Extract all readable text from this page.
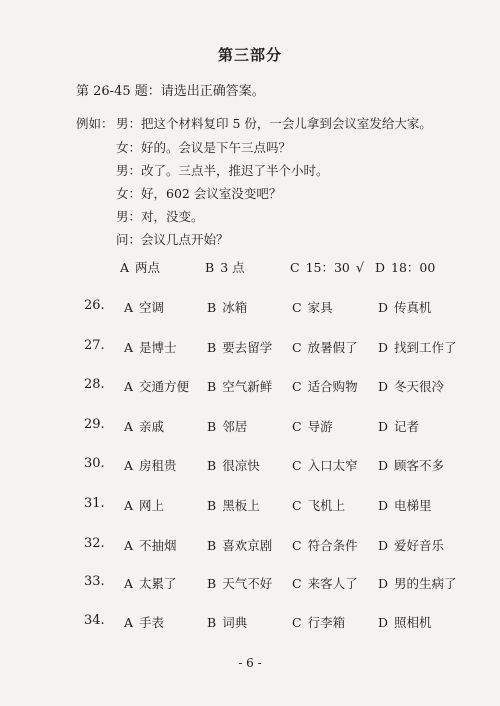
第三部分
第 26-45 题：请选出正确答案。
例如： 男：把这个材料复印 5 份，一会儿拿到会议室发给大家。
女：好的。会议是下午三点吗？
男：改了。三点半，推迟了半个小时。
女：好，602 会议室没变吧？
男：对，没变。
问：会议几点开始？
A 两点	B 3 点	C 15：30 √ D 18：00
26. A 空调	B 冰箱	C 家具	D 传真机
27. A 是博士 B 要去留学 C 放暑假了 D 找到工作了
28. A 交通方便 B 空气新鲜 C 适合购物 D 冬天很冷
29. A 亲戚	B 邻居	C 导游	D 记者
30. A 房租贵 B 很凉快	C 入口太窄 D 顾客不多
31. A 网上	B 黑板上	C 飞机上	D 电梯里
32. A 不抽烟 B 喜欢京剧 C 符合条件 D 爱好音乐
33. A 太累了 B 天气不好 C 来客人了 D 男的生病了
34. A 手表	B 词典	C 行李箱	D 照相机
- 6 -
